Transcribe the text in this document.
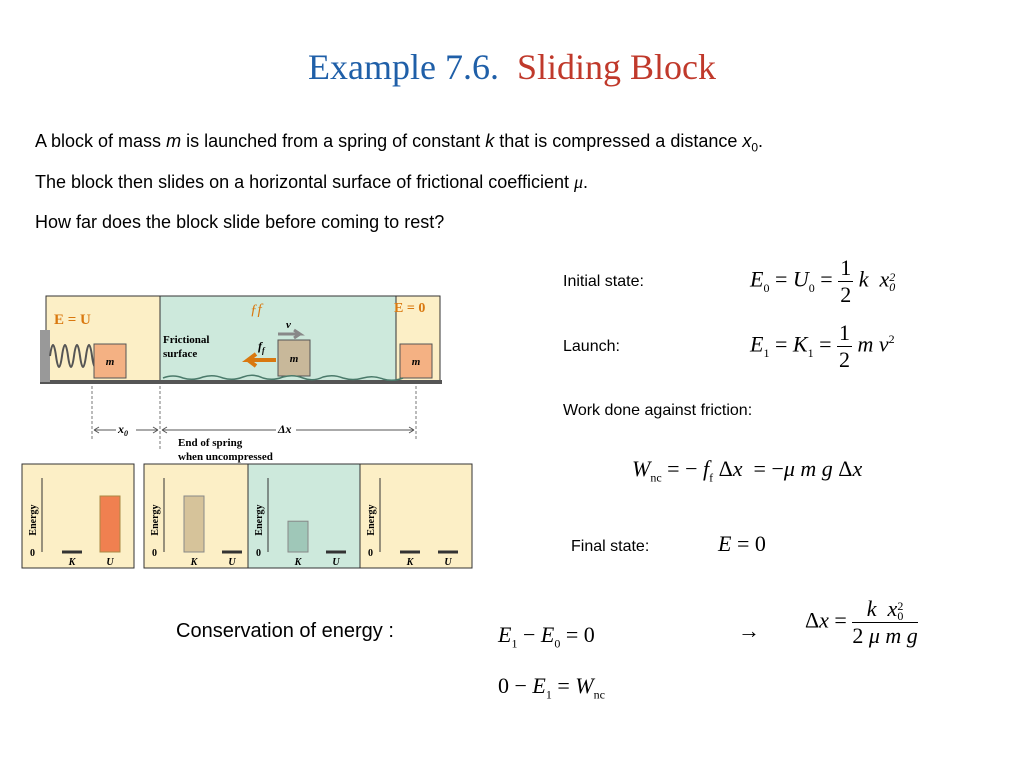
Example 7.6. Sliding Block
A block of mass m is launched from a spring of constant k that is compressed a distance $x_0$.
The block then slides on a horizontal surface of frictional coefficient μ.
How far does the block slide before coming to rest?
m	m	m
E = U
E = 0
ƒf
Frictional
surface
v
$f_f$
$x_0$	Δx
End of spring
when uncompressed
Energy
0
K	U
Energy
0
K	U
Energy
0
K	U
Energy
0
K	U
Initial state:	$E_0 = U_0 = \frac{1}{2}$ k  x 2
0
Launch:	$E_1 = K_1 = \frac{1}{2}$ m $v^2$
Work done against friction:
$W_{nc}$ = − $f_f$ Δx  = −μ m g Δx
Final state:	E = 0
Conservation of energy :	$E_1 - E_0 = 0$
$0 - E_1 = W_{nc}$
→ Δx = k  x 2
0
2 μ m g
